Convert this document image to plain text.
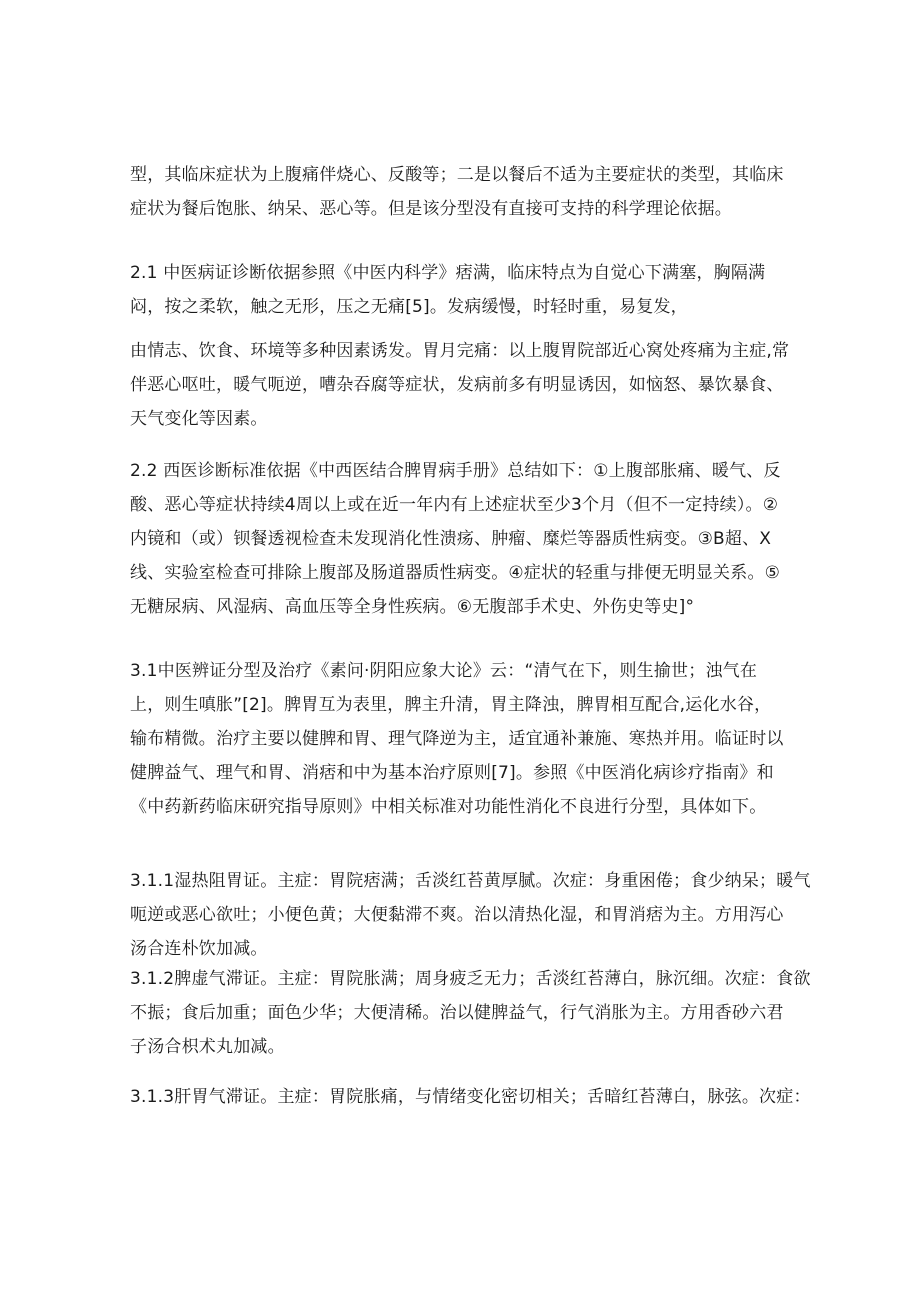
型，其临床症状为上腹痛伴烧心、反酸等；二是以餐后不适为主要症状的类型，其临床
症状为餐后饱胀、纳呆、恶心等。但是该分型没有直接可支持的科学理论依据。
2.1 中医病证诊断依据参照《中医内科学》痞满，临床特点为自觉心下满塞，胸隔满
闷，按之柔软，触之无形，压之无痛[5]。发病缓慢，时轻时重，易复发，
由情志、饮食、环境等多种因素诱发。胃月完痛：以上腹胃院部近心窝处疼痛为主症,常
伴恶心呕吐，暖气呃逆，嘈杂吞腐等症状，发病前多有明显诱因，如恼怒、暴饮暴食、
天气变化等因素。
2.2 西医诊断标准依据《中西医结合脾胃病手册》总结如下：①上腹部胀痛、暖气、反
酸、恶心等症状持续4周以上或在近一年内有上述症状至少3个月（但不一定持续）。②
内镜和（或）钡餐透视检查未发现消化性溃疡、肿瘤、糜烂等器质性病变。③B超、X
线、实验室检查可排除上腹部及肠道器质性病变。④症状的轻重与排便无明显关系。⑤
无糖尿病、风湿病、高血压等全身性疾病。⑥无腹部手术史、外伤史等史]°
3.1中医辨证分型及治疗《素问·阴阳应象大论》云：“清气在下，则生揄世；浊气在
上，则生嗔胀”[2]。脾胃互为表里，脾主升清，胃主降浊，脾胃相互配合,运化水谷，
输布精微。治疗主要以健脾和胃、理气降逆为主，适宜通补兼施、寒热并用。临证时以
健脾益气、理气和胃、消痞和中为基本治疗原则[7]。参照《中医消化病诊疗指南》和
《中药新药临床研究指导原则》中相关标准对功能性消化不良进行分型，具体如下。
3.1.1湿热阻胃证。主症：胃院痞满；舌淡红苔黄厚腻。次症：身重困倦；食少纳呆；暖气
呃逆或恶心欲吐；小便色黄；大便黏滞不爽。治以清热化湿，和胃消痞为主。方用泻心
汤合连朴饮加减。
3.1.2脾虚气滞证。主症：胃院胀满；周身疲乏无力；舌淡红苔薄白，脉沉细。次症：食欲
不振；食后加重；面色少华；大便清稀。治以健脾益气，行气消胀为主。方用香砂六君
子汤合枳术丸加减。
3.1.3肝胃气滞证。主症：胃院胀痛，与情绪变化密切相关；舌暗红苔薄白，脉弦。次症：
